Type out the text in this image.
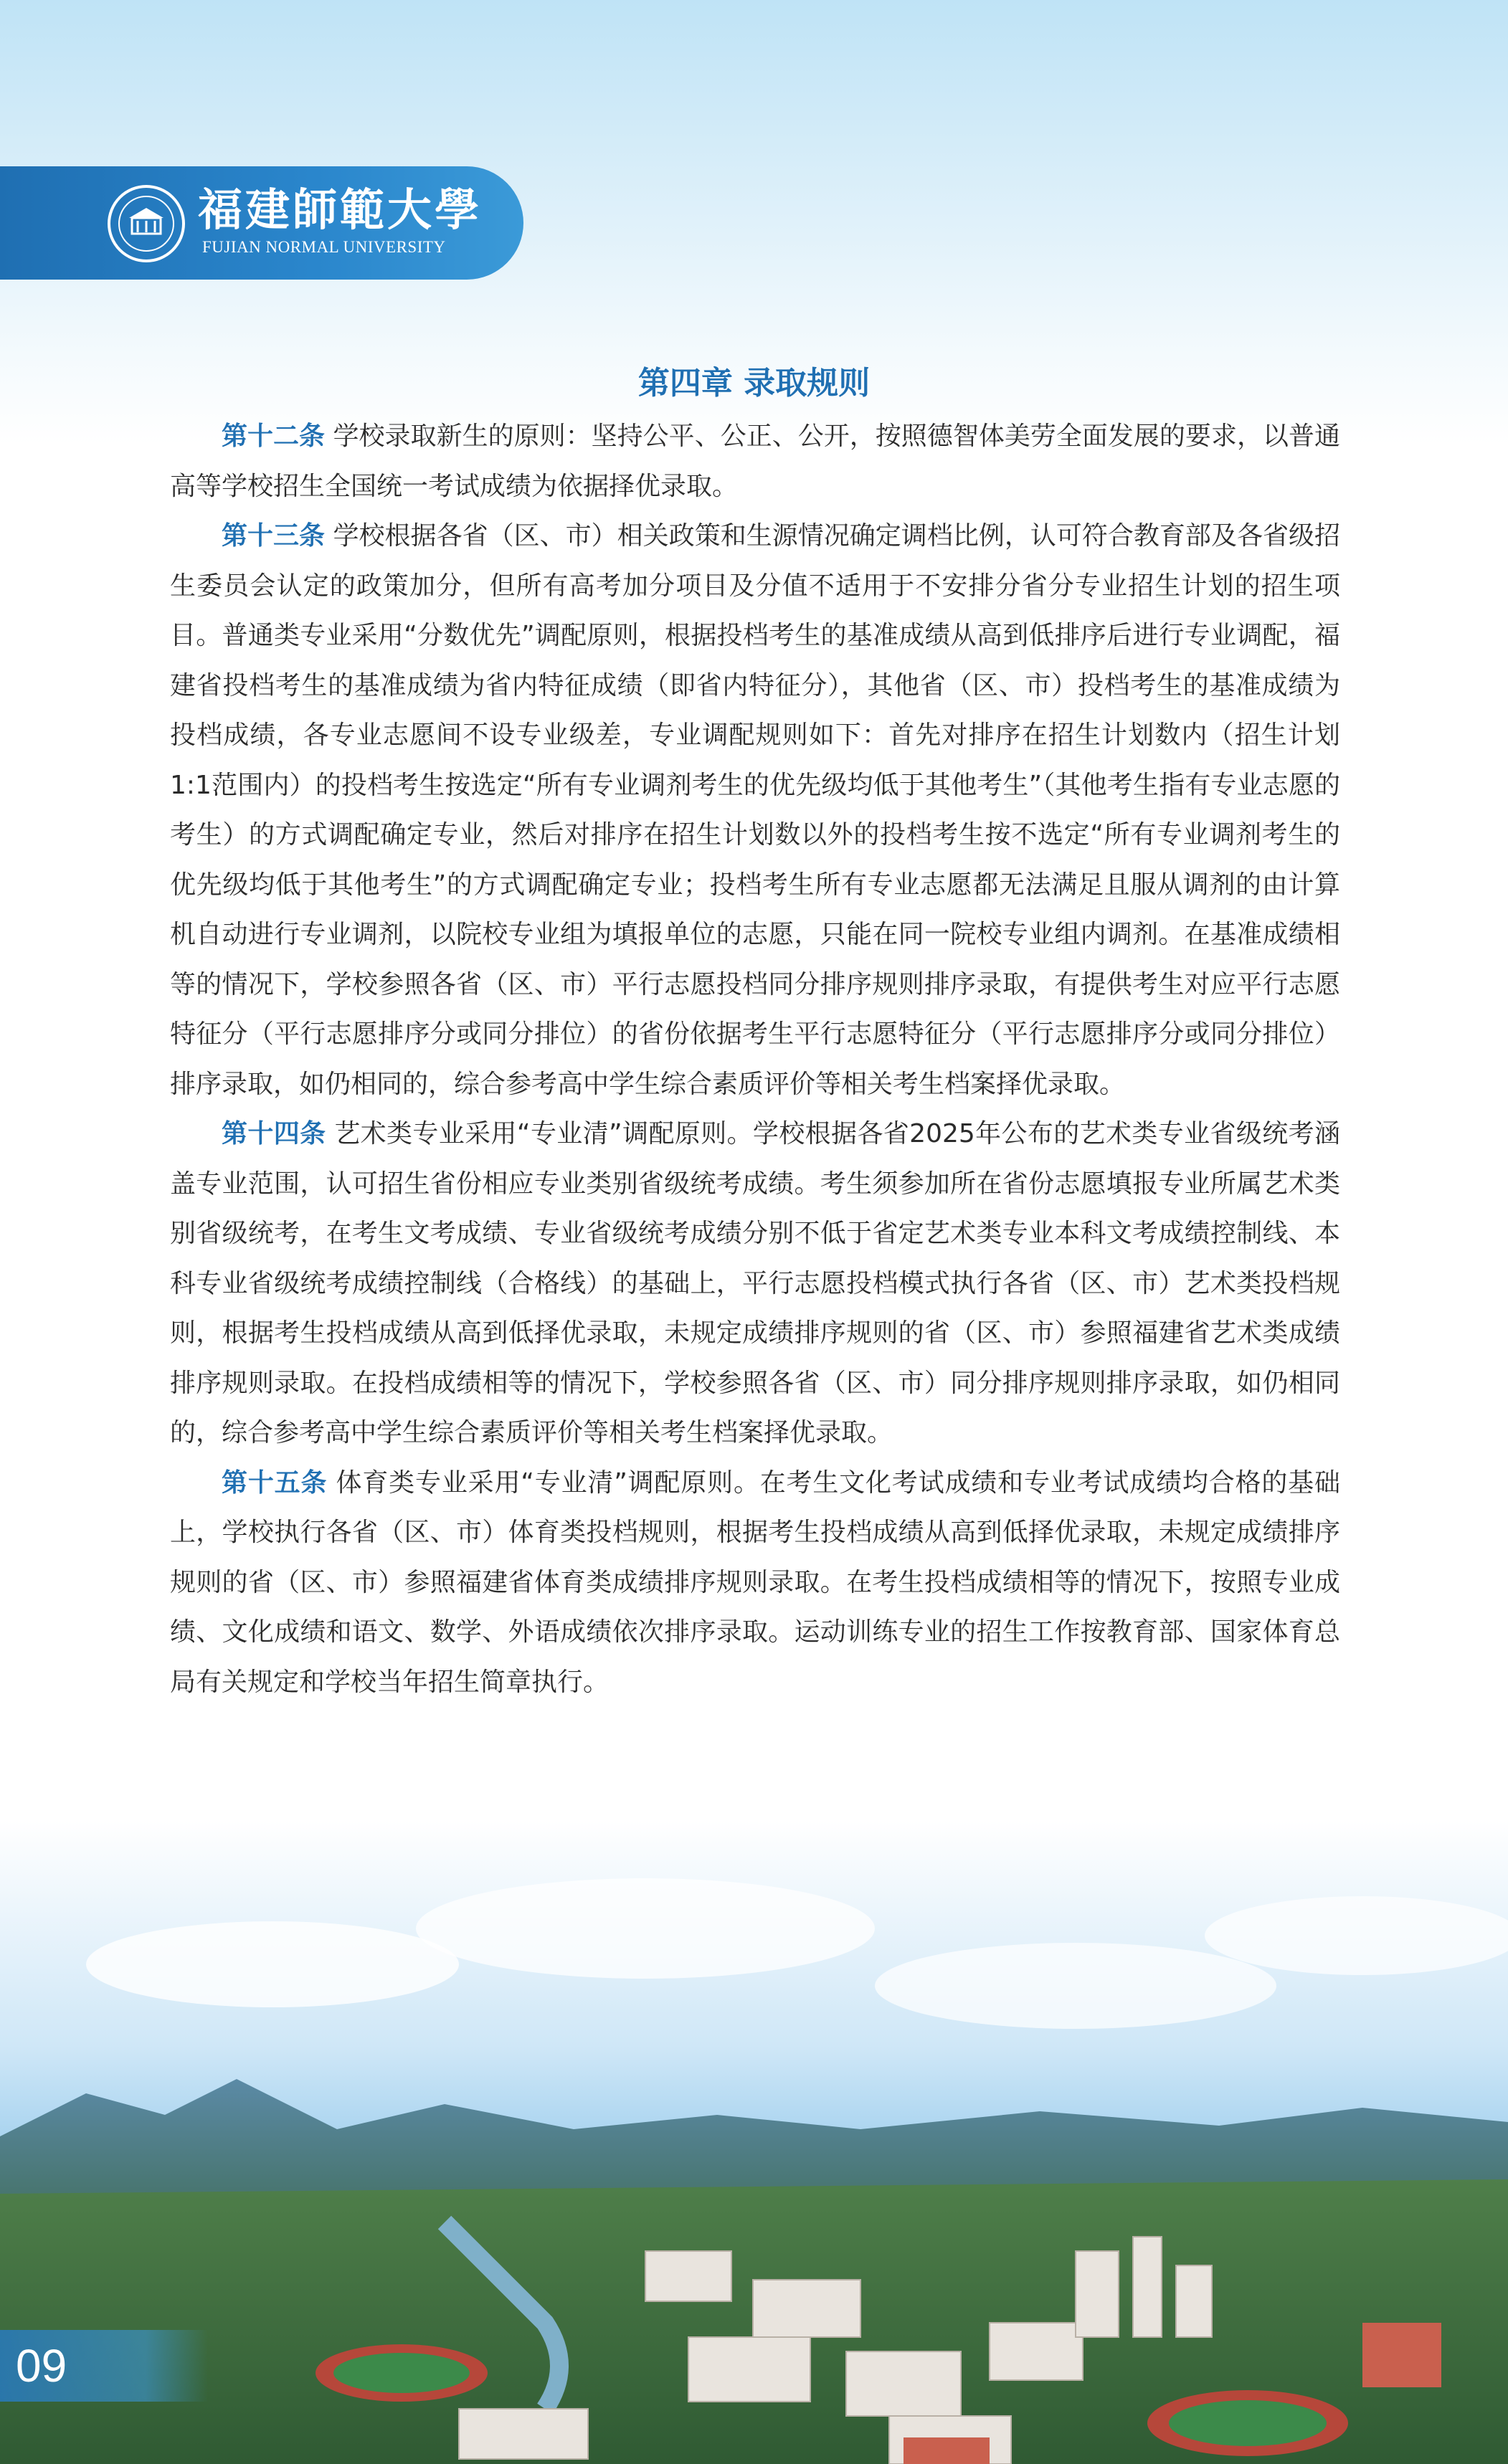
福建師範大學
FUJIAN NORMAL UNIVERSITY
第四章 录取规则

第十二条 学校录取新生的原则：坚持公平、公正、公开，按照德智体美劳全面发展的要求，以普通高等学校招生全国统一考试成绩为依据择优录取。

第十三条 学校根据各省（区、市）相关政策和生源情况确定调档比例，认可符合教育部及各省级招生委员会认定的政策加分，但所有高考加分项目及分值不适用于不安排分省分专业招生计划的招生项目。普通类专业采用“分数优先”调配原则，根据投档考生的基准成绩从高到低排序后进行专业调配，福建省投档考生的基准成绩为省内特征成绩（即省内特征分），其他省（区、市）投档考生的基准成绩为投档成绩，各专业志愿间不设专业级差，专业调配规则如下：首先对排序在招生计划数内（招生计划1:1范围内）的投档考生按选定“所有专业调剂考生的优先级均低于其他考生”（其他考生指有专业志愿的考生）的方式调配确定专业，然后对排序在招生计划数以外的投档考生按不选定“所有专业调剂考生的优先级均低于其他考生”的方式调配确定专业；投档考生所有专业志愿都无法满足且服从调剂的由计算机自动进行专业调剂，以院校专业组为填报单位的志愿，只能在同一院校专业组内调剂。在基准成绩相等的情况下，学校参照各省（区、市）平行志愿投档同分排序规则排序录取，有提供考生对应平行志愿特征分（平行志愿排序分或同分排位）的省份依据考生平行志愿特征分（平行志愿排序分或同分排位）排序录取，如仍相同的，综合参考高中学生综合素质评价等相关考生档案择优录取。

第十四条 艺术类专业采用“专业清”调配原则。学校根据各省2025年公布的艺术类专业省级统考涵盖专业范围，认可招生省份相应专业类别省级统考成绩。考生须参加所在省份志愿填报专业所属艺术类别省级统考，在考生文考成绩、专业省级统考成绩分别不低于省定艺术类专业本科文考成绩控制线、本科专业省级统考成绩控制线（合格线）的基础上，平行志愿投档模式执行各省（区、市）艺术类投档规则，根据考生投档成绩从高到低择优录取，未规定成绩排序规则的省（区、市）参照福建省艺术类成绩排序规则录取。在投档成绩相等的情况下，学校参照各省（区、市）同分排序规则排序录取，如仍相同的，综合参考高中学生综合素质评价等相关考生档案择优录取。

第十五条 体育类专业采用“专业清”调配原则。在考生文化考试成绩和专业考试成绩均合格的基础上，学校执行各省（区、市）体育类投档规则，根据考生投档成绩从高到低择优录取，未规定成绩排序规则的省（区、市）参照福建省体育类成绩排序规则录取。在考生投档成绩相等的情况下，按照专业成绩、文化成绩和语文、数学、外语成绩依次排序录取。运动训练专业的招生工作按教育部、国家体育总局有关规定和学校当年招生简章执行。

09
